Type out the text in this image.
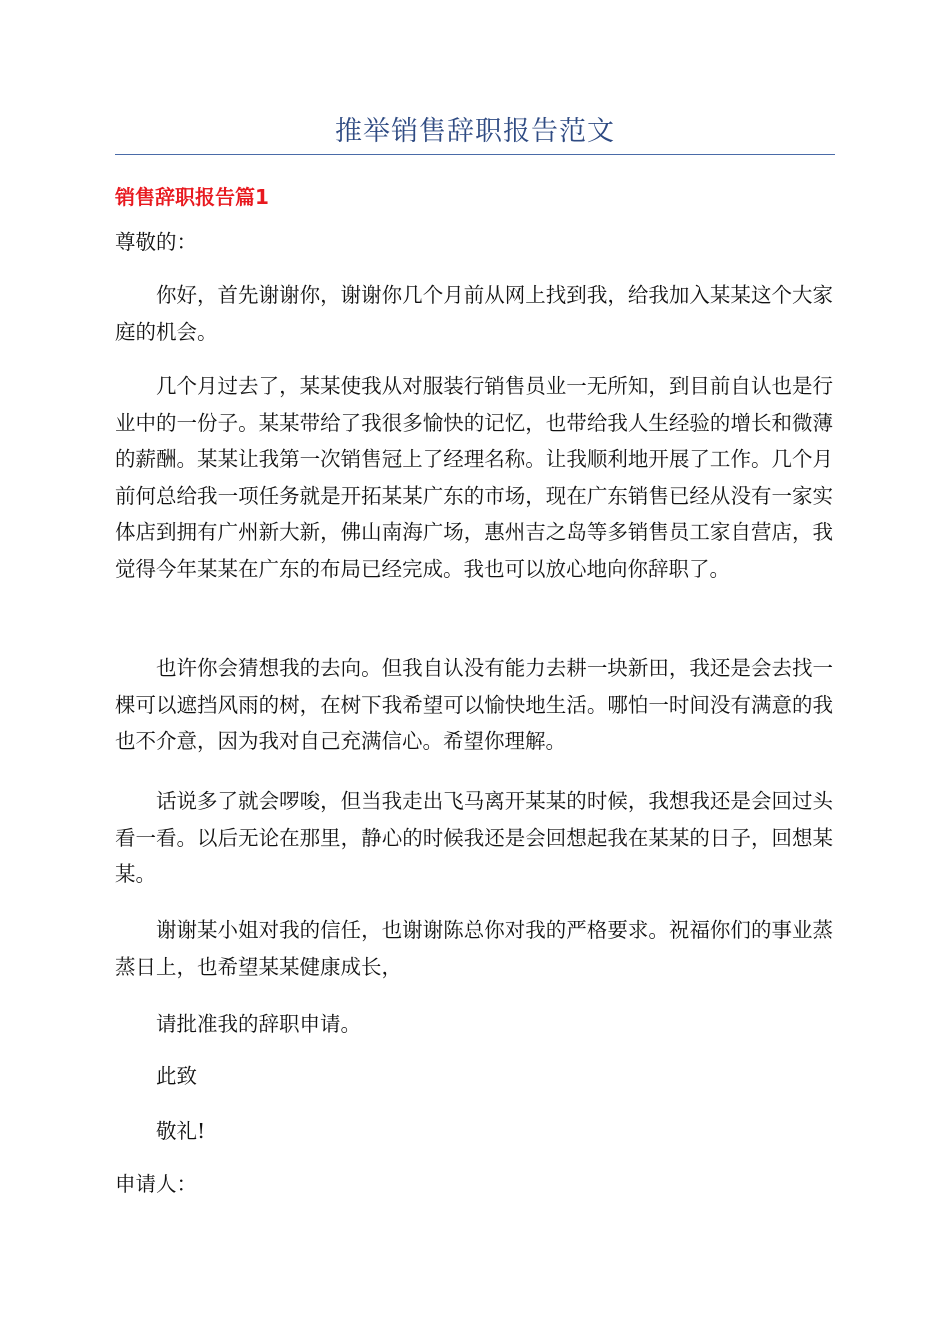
推举销售辞职报告范文
销售辞职报告篇1

尊敬的：

你好，首先谢谢你，谢谢你几个月前从网上找到我，给我加入某某这个大家庭的机会。

几个月过去了，某某使我从对服装行销售员业一无所知，到目前自认也是行业中的一份子。某某带给了我很多愉快的记忆，也带给我人生经验的增长和微薄的薪酬。某某让我第一次销售冠上了经理名称。让我顺利地开展了工作。几个月前何总给我一项任务就是开拓某某广东的市场，现在广东销售已经从没有一家实体店到拥有广州新大新，佛山南海广场，惠州吉之岛等多销售员工家自营店，我觉得今年某某在广东的布局已经完成。我也可以放心地向你辞职了。

也许你会猜想我的去向。但我自认没有能力去耕一块新田，我还是会去找一棵可以遮挡风雨的树，在树下我希望可以愉快地生活。哪怕一时间没有满意的我也不介意，因为我对自己充满信心。希望你理解。

话说多了就会啰唆，但当我走出飞马离开某某的时候，我想我还是会回过头看一看。以后无论在那里，静心的时候我还是会回想起我在某某的日子，回想某某。

谢谢某小姐对我的信任，也谢谢陈总你对我的严格要求。祝福你们的事业蒸蒸日上，也希望某某健康成长，

请批准我的辞职申请。

此致

敬礼!

申请人：
